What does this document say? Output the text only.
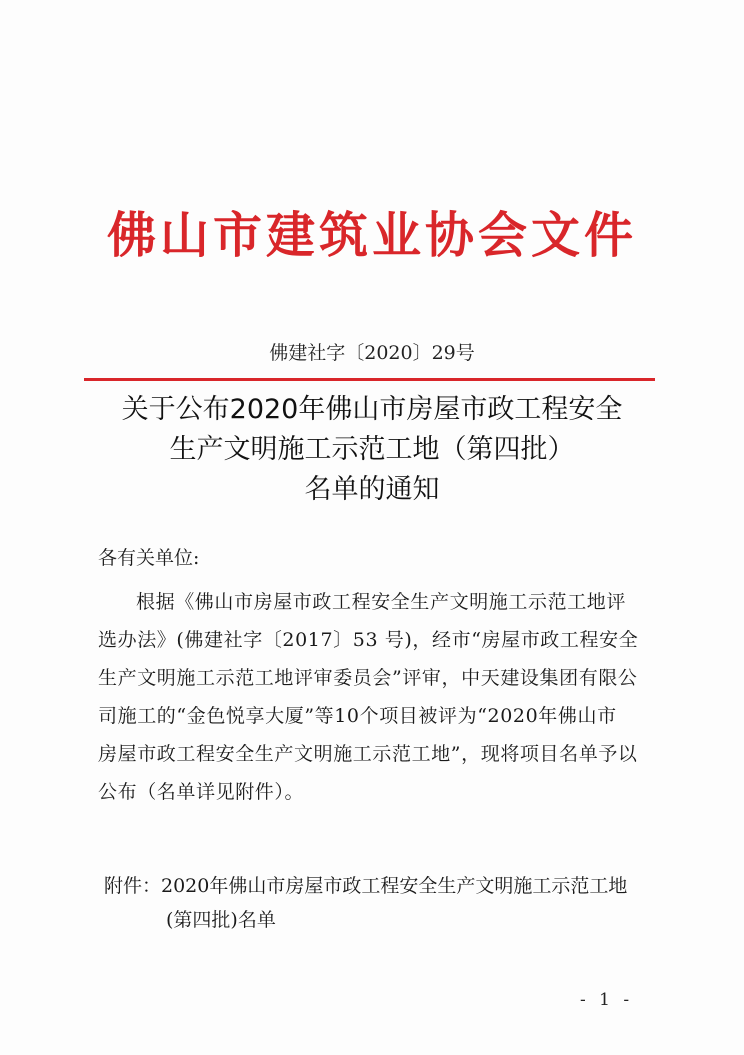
佛山市建筑业协会文件
佛建社字〔2020〕29号
关于公布2020年佛山市房屋市政工程安全
生产文明施工示范工地（第四批）
名单的通知
各有关单位:
根据《佛山市房屋市政工程安全生产文明施工示范工地评
选办法》(佛建社字〔2017〕53 号)，经市“房屋市政工程安全
生产文明施工示范工地评审委员会”评审，中天建设集团有限公
司施工的“金色悦享大厦”等10个项目被评为“2020年佛山市
房屋市政工程安全生产文明施工示范工地”，现将项目名单予以
公布（名单详见附件）。
附件：2020年佛山市房屋市政工程安全生产文明施工示范工地
(第四批)名单
- 1 -
